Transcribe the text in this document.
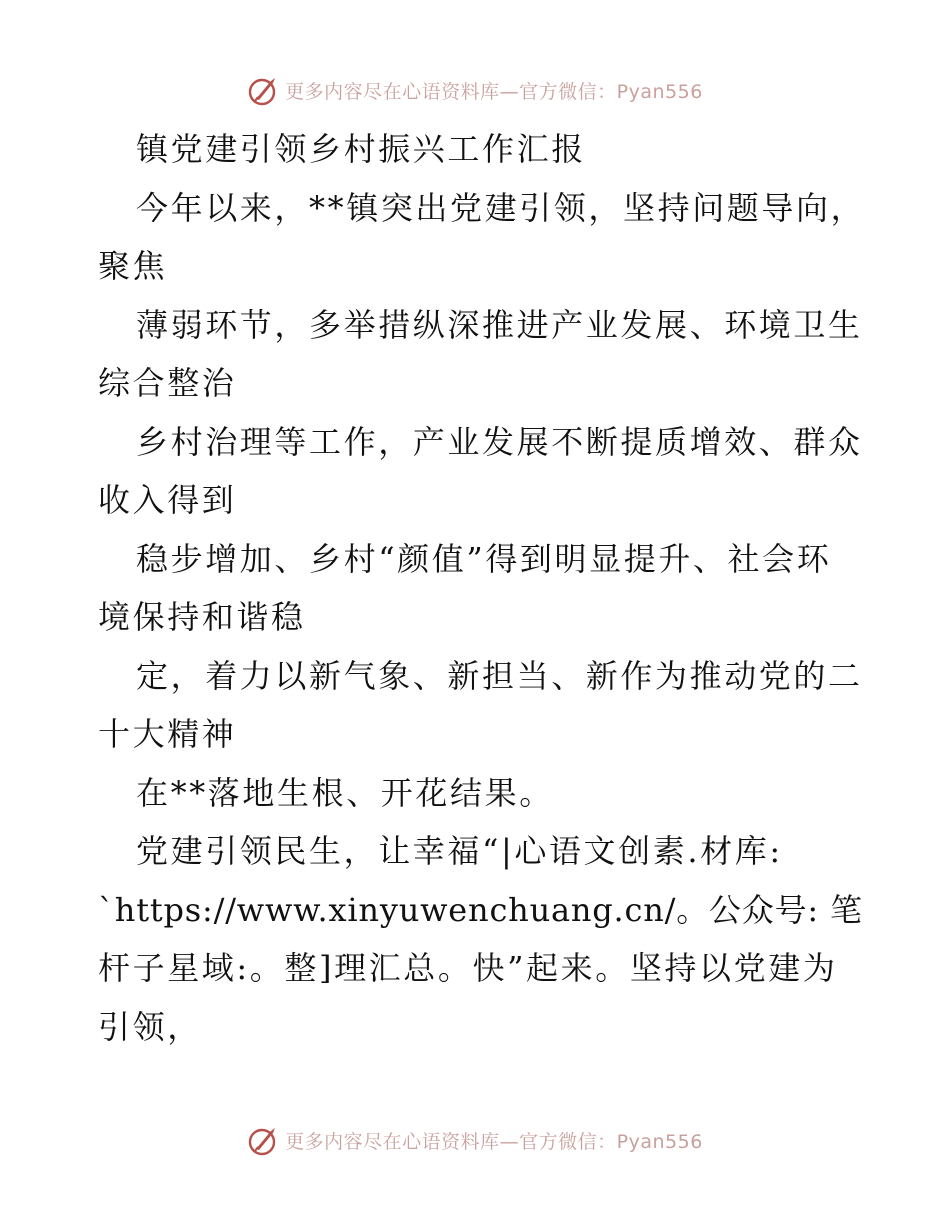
更多内容尽在心语资料库—官方微信：Pyan556
镇党建引领乡村振兴工作汇报
今年以来，**镇突出党建引领，坚持问题导向，
聚焦
薄弱环节，多举措纵深推进产业发展、环境卫生
综合整治
乡村治理等工作，产业发展不断提质增效、群众
收入得到
稳步增加、乡村“颜值”得到明显提升、社会环
境保持和谐稳
定，着力以新气象、新担当、新作为推动党的二
十大精神
在**落地生根、开花结果。
党建引领民生，让幸福“|心语文创素.材库:
`https://www.xinyuwenchuang.cn/。公众号: 笔
杆子星域:。整]理汇总。快”起来。坚持以党建为
引领，
更多内容尽在心语资料库—官方微信：Pyan556
